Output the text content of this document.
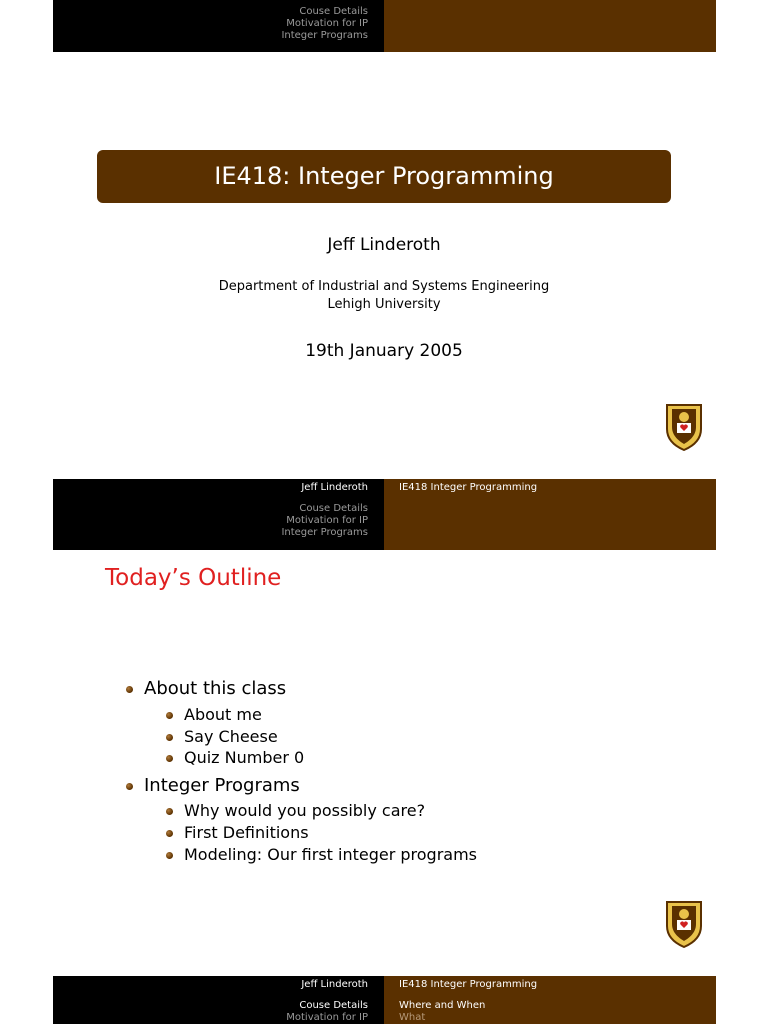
Couse Details
Motivation for IP
Integer Programs
IE418: Integer Programming
Jeff Linderoth
Department of Industrial and Systems Engineering
Lehigh University
19th January 2005
Jeff Linderoth	IE418 Integer Programming
Couse Details
Motivation for IP
Integer Programs
Today’s Outline
About this class
About me
Say Cheese
Quiz Number 0
Integer Programs
Why would you possibly care?
First Definitions
Modeling: Our first integer programs
Jeff Linderoth	IE418 Integer Programming
Couse Details
Motivation for IP
Where and When
What
